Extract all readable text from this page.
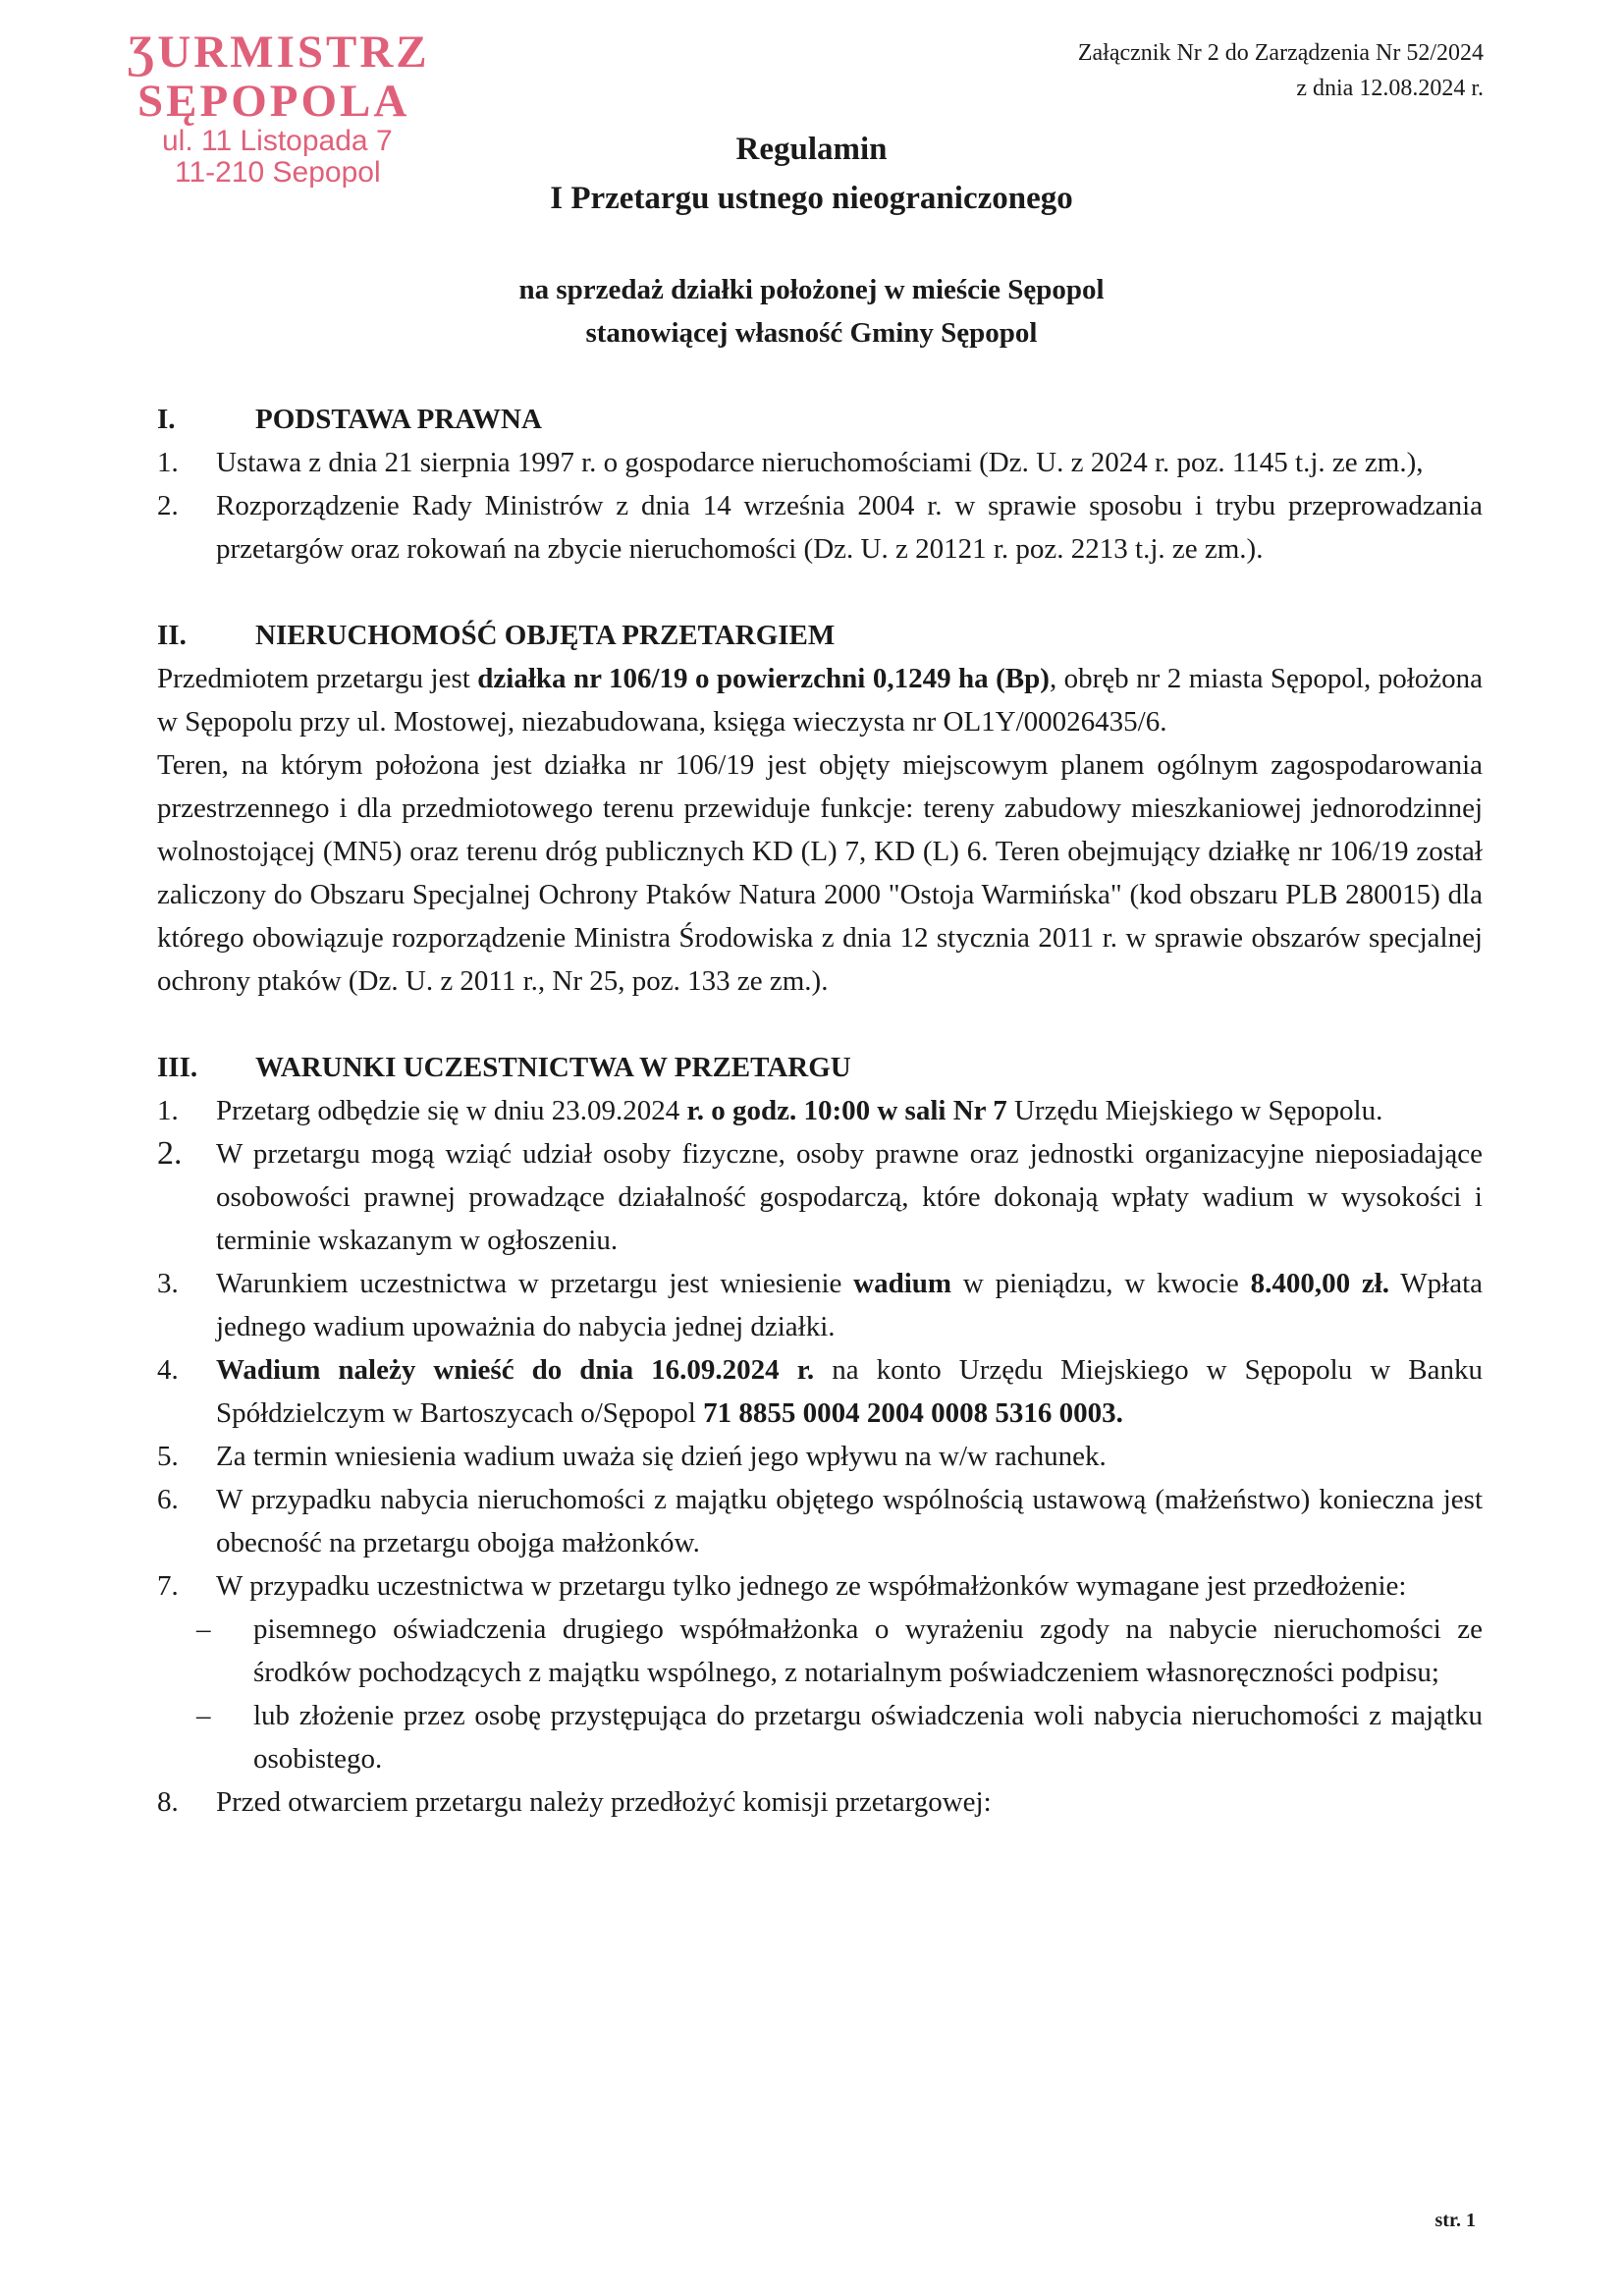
ƷURMISTRZ
SĘPOPOLA
ul. 11 Listopada 7
11-210 Sepopol
Załącznik Nr 2 do Zarządzenia Nr 52/2024
z dnia 12.08.2024 r.
Regulamin
I Przetargu ustnego nieograniczonego
na sprzedaż działki położonej w mieście Sępopol
stanowiącej własność Gminy Sępopol
I.	PODSTAWA PRAWNA
1.	Ustawa z dnia 21 sierpnia 1997 r. o gospodarce nieruchomościami (Dz. U. z 2024 r. poz. 1145 t.j. ze zm.),
2.	Rozporządzenie Rady Ministrów z dnia 14 września 2004 r. w sprawie sposobu i trybu przeprowadzania przetargów oraz rokowań na zbycie nieruchomości (Dz. U. z 20121 r. poz. 2213 t.j. ze zm.).
II.	NIERUCHOMOŚĆ OBJĘTA PRZETARGIEM
Przedmiotem przetargu jest działka nr 106/19 o powierzchni 0,1249 ha (Bp), obręb nr 2 miasta Sępopol, położona w Sępopolu przy ul. Mostowej, niezabudowana, księga wieczysta nr OL1Y/00026435/6.
Teren, na którym położona jest działka nr 106/19 jest objęty miejscowym planem ogólnym zagospodarowania przestrzennego i dla przedmiotowego terenu przewiduje funkcje: tereny zabudowy mieszkaniowej jednorodzinnej wolnostojącej (MN5) oraz terenu dróg publicznych KD (L) 7, KD (L) 6. Teren obejmujący działkę nr 106/19 został zaliczony do Obszaru Specjalnej Ochrony Ptaków Natura 2000 "Ostoja Warmińska" (kod obszaru PLB 280015) dla którego obowiązuje rozporządzenie Ministra Środowiska z dnia 12 stycznia 2011 r. w sprawie obszarów specjalnej ochrony ptaków (Dz. U. z 2011 r., Nr 25, poz. 133 ze zm.).
III.	WARUNKI UCZESTNICTWA W PRZETARGU
1.	Przetarg odbędzie się w dniu 23.09.2024 r. o godz. 10:00 w sali Nr 7 Urzędu Miejskiego w Sępopolu.
2.	W przetargu mogą wziąć udział osoby fizyczne, osoby prawne oraz jednostki organizacyjne nieposiadające osobowości prawnej prowadzące działalność gospodarczą, które dokonają wpłaty wadium w wysokości i terminie wskazanym w ogłoszeniu.
3.	Warunkiem uczestnictwa w przetargu jest wniesienie wadium w pieniądzu, w kwocie 8.400,00 zł. Wpłata jednego wadium upoważnia do nabycia jednej działki.
4.	Wadium należy wnieść do dnia 16.09.2024 r. na konto Urzędu Miejskiego w Sępopolu w Banku Spółdzielczym w Bartoszycach o/Sępopol 71 8855 0004 2004 0008 5316 0003.
5.	Za termin wniesienia wadium uważa się dzień jego wpływu na w/w rachunek.
6.	W przypadku nabycia nieruchomości z majątku objętego wspólnością ustawową (małżeństwo) konieczna jest obecność na przetargu obojga małżonków.
7.	W przypadku uczestnictwa w przetargu tylko jednego ze współmałżonków wymagane jest przedłożenie:
–	pisemnego oświadczenia drugiego współmałżonka o wyrażeniu zgody na nabycie nieruchomości ze środków pochodzących z majątku wspólnego, z notarialnym poświadczeniem własnoręczności podpisu;
–	lub złożenie przez osobę przystępująca do przetargu oświadczenia woli nabycia nieruchomości z majątku osobistego.
8.	Przed otwarciem przetargu należy przedłożyć komisji przetargowej:
str. 1
